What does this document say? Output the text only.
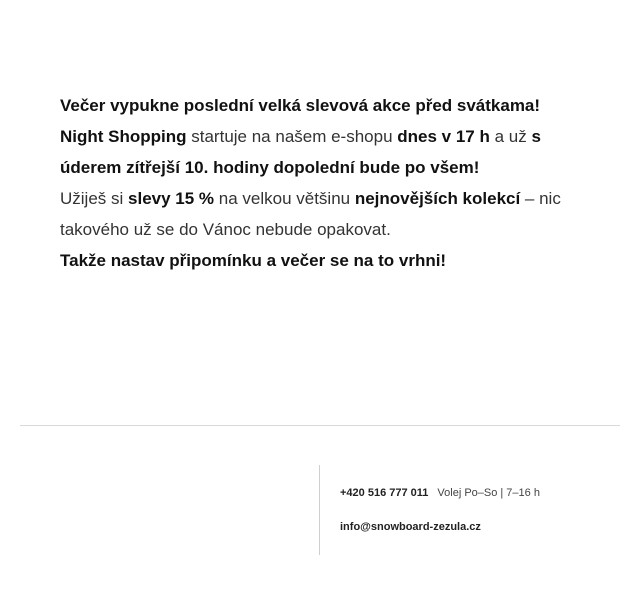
Večer vypukne poslední velká slevová akce před svátkama!

Night Shopping startuje na našem e-shopu dnes v 17 h a už s úderem zítřejší 10. hodiny dopolední bude po všem!

Užiješ si slevy 15 % na velkou většinu nejnovějších kolekcí – nic takového už se do Vánoc nebude opakovat.

Takže nastav připomínku a večer se na to vrhni!

+420 516 777 011 Volej Po–So | 7–16 h
info@snowboard-zezula.cz
